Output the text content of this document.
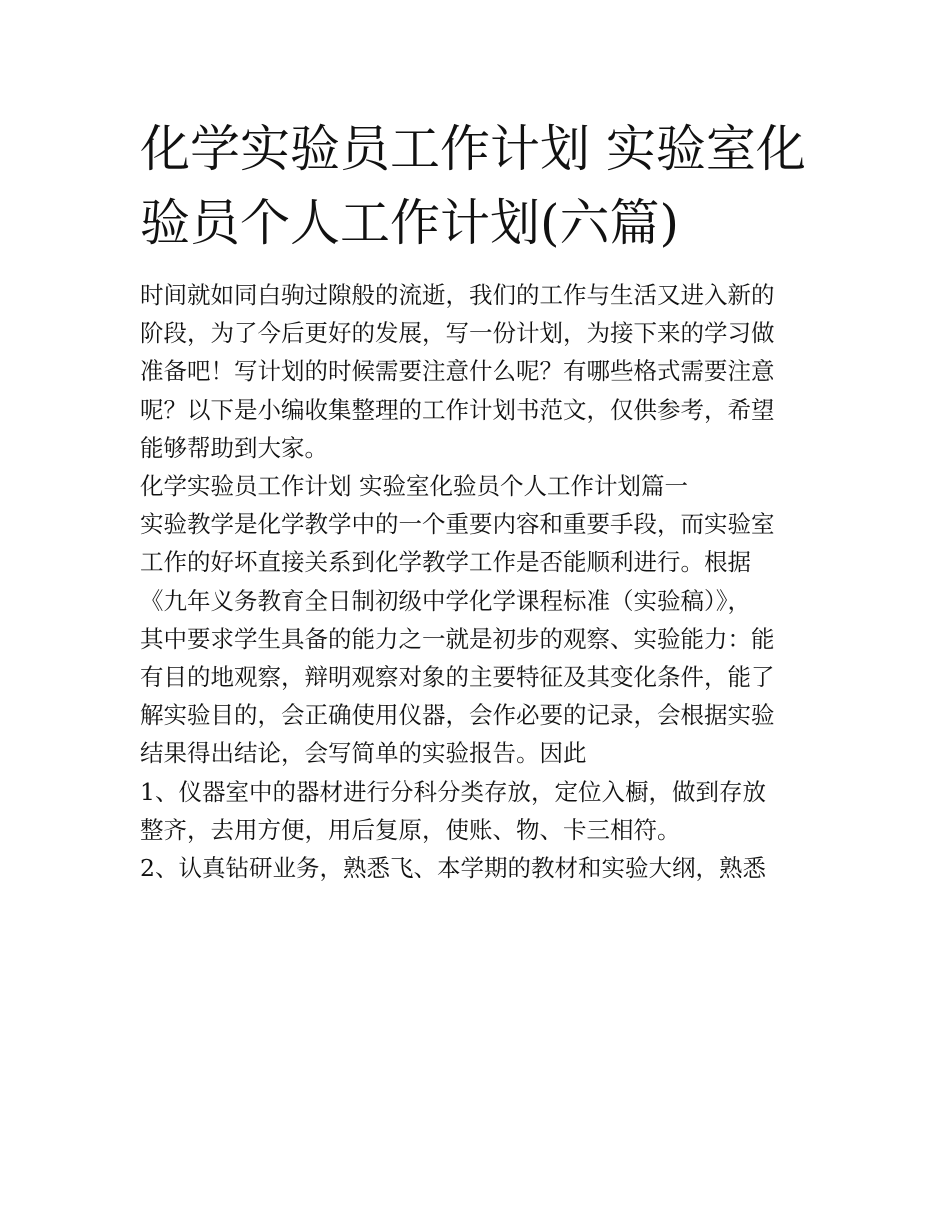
化学实验员工作计划 实验室化
验员个人工作计划(六篇)

时间就如同白驹过隙般的流逝，我们的工作与生活又进入新的
阶段，为了今后更好的发展，写一份计划，为接下来的学习做
准备吧！写计划的时候需要注意什么呢？有哪些格式需要注意
呢？以下是小编收集整理的工作计划书范文，仅供参考，希望
能够帮助到大家。

化学实验员工作计划 实验室化验员个人工作计划篇一

实验教学是化学教学中的一个重要内容和重要手段，而实验室
工作的好坏直接关系到化学教学工作是否能顺利进行。根据
《九年义务教育全日制初级中学化学课程标准（实验稿）》，
其中要求学生具备的能力之一就是初步的观察、实验能力：能
有目的地观察，辩明观察对象的主要特征及其变化条件，能了
解实验目的，会正确使用仪器，会作必要的记录，会根据实验
结果得出结论，会写简单的实验报告。因此

1、仪器室中的器材进行分科分类存放，定位入橱，做到存放
整齐，去用方便，用后复原，使账、物、卡三相符。

2、认真钻研业务，熟悉飞、本学期的教材和实验大纲，熟悉
